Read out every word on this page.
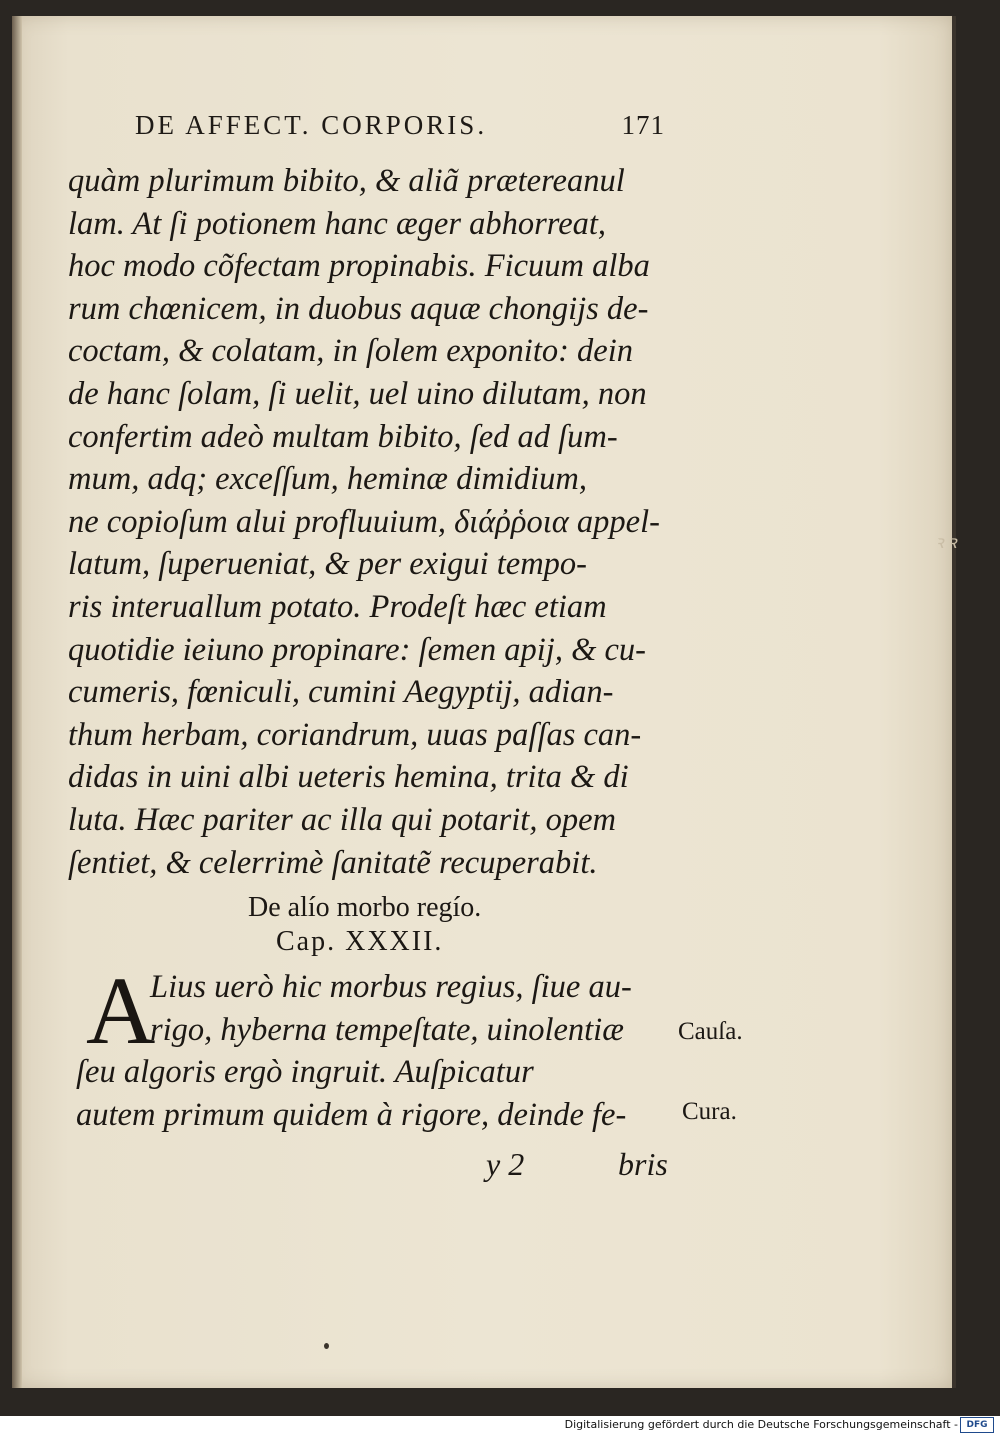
ꝛ ꝛ
DE AFFECT. CORPORIS.	171
quàm plurimum bibito, & aliã prætereanul
lam. At ſi potionem hanc æger abhorreat,
hoc modo cõfectam propinabis. Ficuum alba
rum chœnicem, in duobus aquæ chongijs de-
coctam, & colatam, in ſolem exponito: dein
de hanc ſolam, ſi uelit, uel uino dilutam, non
confertim adeò multam bibito, ſed ad ſum-
mum, adq; exceſſum, heminæ dimidium,
ne copioſum alui profluuium, διάῤῥοια appel-
latum, ſuperueniat, & per exigui tempo-
ris interuallum potato. Prodeſt hæc etiam
quotidie ieiuno propinare: ſemen apij, & cu-
cumeris, fœniculi, cumini Aegyptij, adian-
thum herbam, coriandrum, uuas paſſas can-
didas in uini albi ueteris hemina, trita & di
luta. Hæc pariter ac illa qui potarit, opem
ſentiet, & celerrimè ſanitatẽ recuperabit.
De alío morbo regío.
Cap. XXXII.
A
Lius uerò hic morbus regius, ſiue au-
rigo, hyberna tempeſtate, uinolentiæ
ſeu algoris ergò ingruit. Auſpicatur
autem primum quidem à rigore, deinde fe-
Cauſa.
Cura.
y 2	bris
Digitalisierung gefördert durch die Deutsche Forschungsgemeinschaft - DFG
